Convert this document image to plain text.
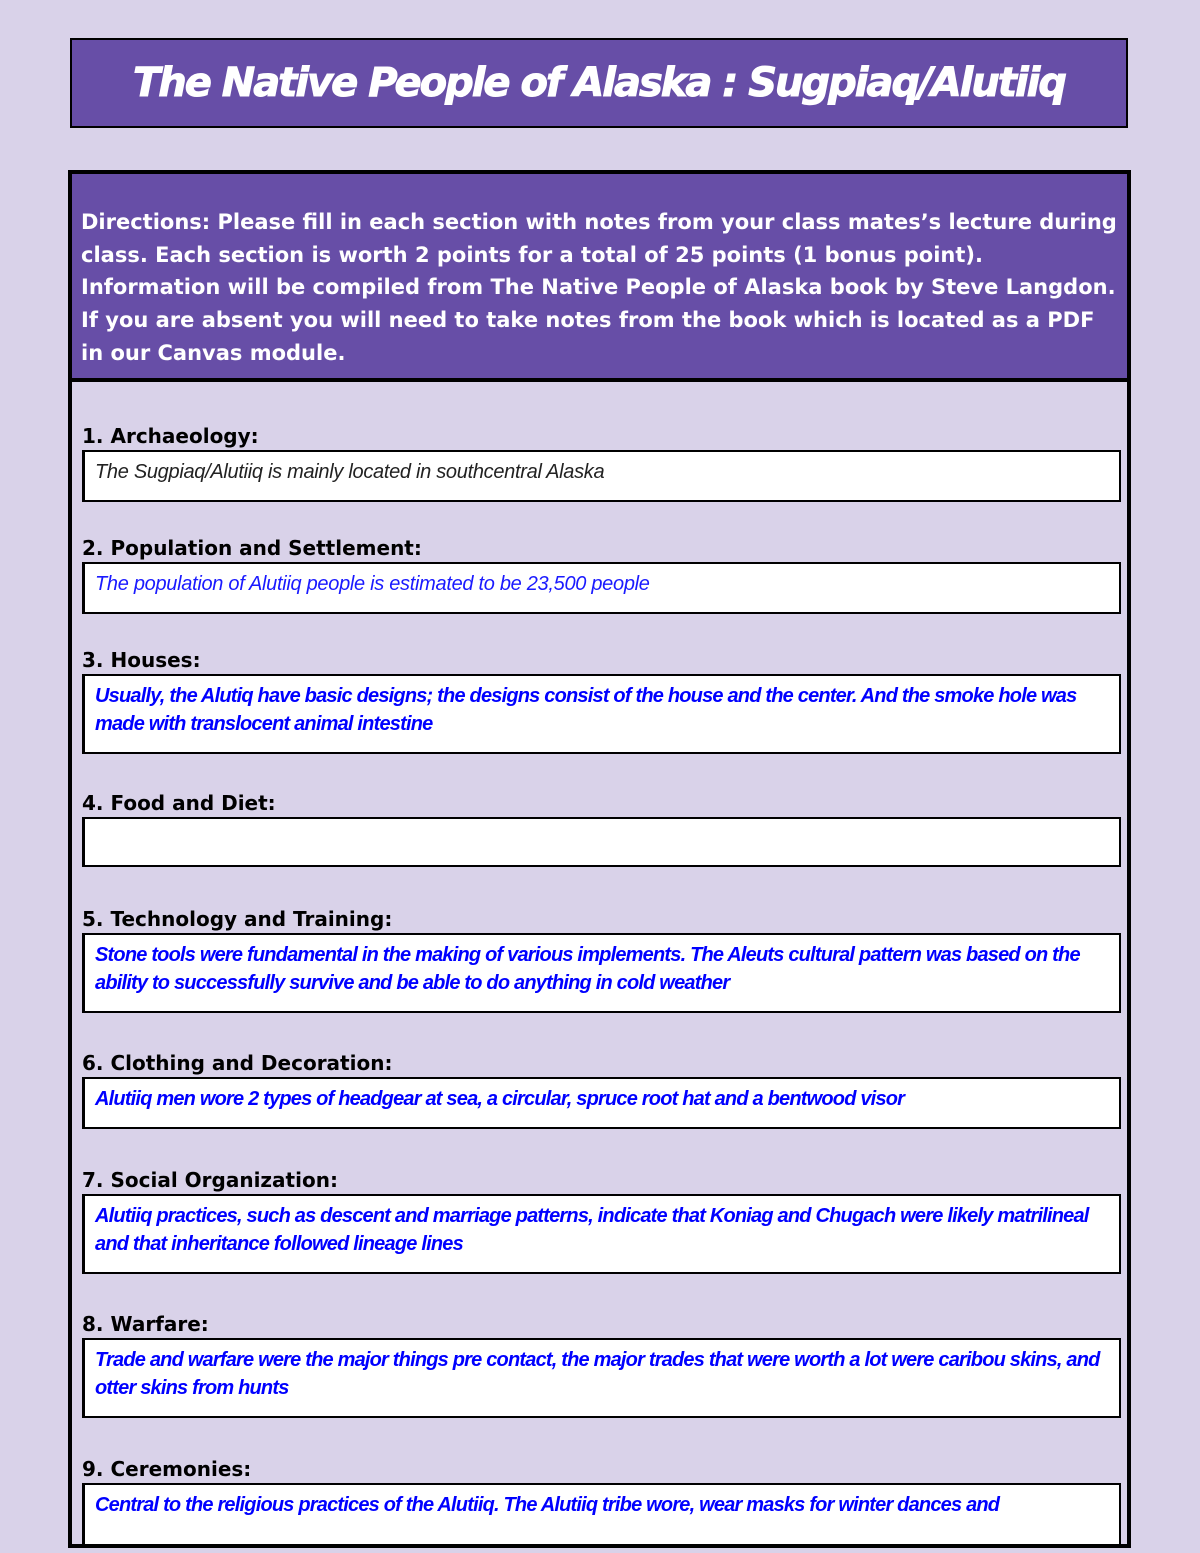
The Native People of Alaska : Sugpiaq/Alutiiq

Directions: Please fill in each section with notes from your class mates’s lecture during class. Each section is worth 2 points for a total of 25 points (1 bonus point). Information will be compiled from The Native People of Alaska book by Steve Langdon. If you are absent you will need to take notes from the book which is located as a PDF in our Canvas module.

1. Archaeology:

The Sugpiaq/Alutiiq is mainly located in southcentral Alaska

2. Population and Settlement:

The population of Alutiiq people is estimated to be 23,500 people

3. Houses:

Usually, the Alutiq have basic designs; the designs consist of the house and the center. And the smoke hole was made with translocent animal intestine

4. Food and Diet:

5. Technology and Training:

Stone tools were fundamental in the making of various implements. The Aleuts cultural pattern was based on the ability to successfully survive and be able to do anything in cold weather

6. Clothing and Decoration:

Alutiiq men wore 2 types of headgear at sea, a circular, spruce root hat and a bentwood visor

7. Social Organization:

Alutiiq practices, such as descent and marriage patterns, indicate that Koniag and Chugach were likely matrilineal and that inheritance followed lineage lines

8. Warfare:

Trade and warfare were the major things pre contact, the major trades that were worth a lot were caribou skins, and otter skins from hunts

9. Ceremonies:

Central to the religious practices of the Alutiiq. The Alutiiq tribe wore, wear masks for winter dances and
